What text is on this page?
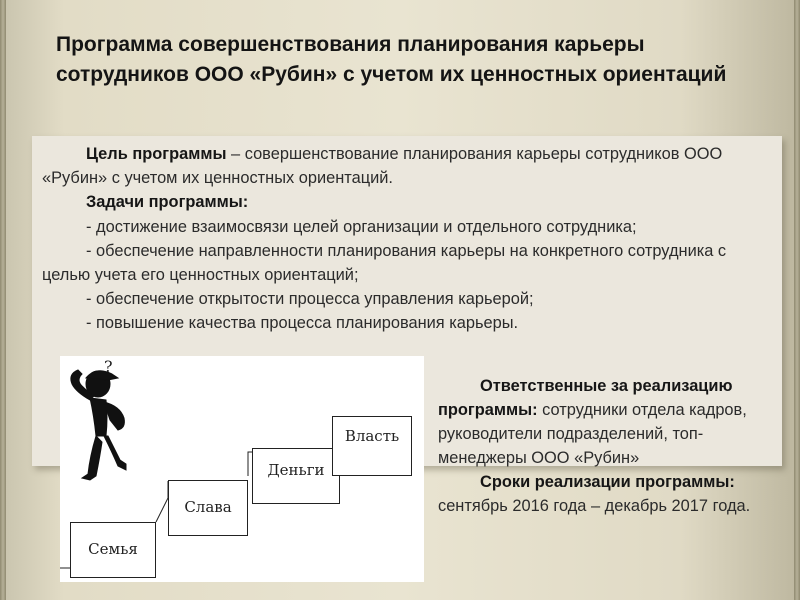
Программа совершенствования планирования карьеры сотрудников ООО «Рубин» с учетом их ценностных ориентаций

Цель программы – совершенствование планирования карьеры сотрудников ООО «Рубин» с учетом их ценностных ориентаций.

Задачи программы:

- достижение взаимосвязи целей организации и отдельного сотрудника;

- обеспечение направленности планирования карьеры на конкретного сотрудника с целью учета его ценностных ориентаций;

- обеспечение открытости процесса управления карьерой;

- повышение качества процесса планирования карьеры.

?
Семья
Слава
Деньги
Власть

Ответственные за реализацию программы: сотрудники отдела кадров, руководители подразделений, топ-менеджеры ООО «Рубин»

Сроки реализации программы: сентябрь 2016 года – декабрь 2017 года.
